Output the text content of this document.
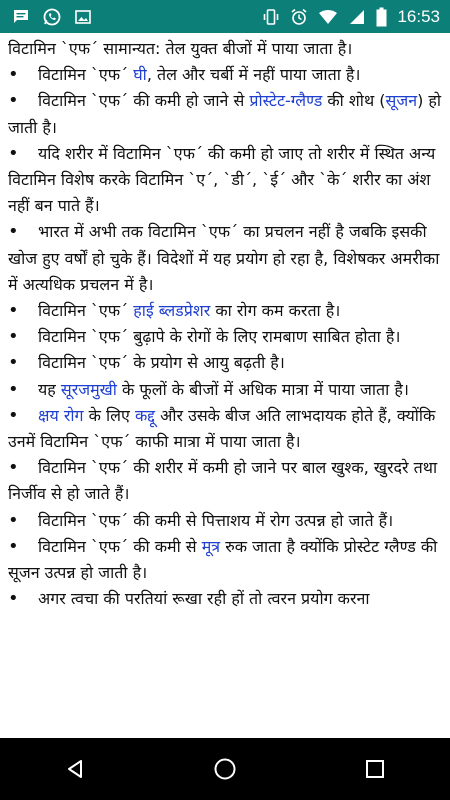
16:53
विटामिन `एफ´ सामान्यत: तेल युक्त बीजों में पाया जाता है।
• विटामिन `एफ´ घी, तेल और चर्बी में नहीं पाया जाता है।
• विटामिन `एफ´ की कमी हो जाने से प्रोस्टेट-ग्लैण्ड की शोथ (सूजन) हो जाती है।
• यदि शरीर में विटामिन `एफ´ की कमी हो जाए तो शरीर में स्थित अन्य विटामिन विशेष करके विटामिन `ए´, `डी´, `ई´ और `के´ शरीर का अंश नहीं बन पाते हैं।
• भारत में अभी तक विटामिन `एफ´ का प्रचलन नहीं है जबकि इसकी खोज हुए वर्षों हो चुके हैं। विदेशों में यह प्रयोग हो रहा है, विशेषकर अमरीका में अत्यधिक प्रचलन में है।
• विटामिन `एफ´ हाई ब्लडप्रेशर का रोग कम करता है।
• विटामिन `एफ´ बुढ़ापे के रोगों के लिए रामबाण साबित होता है।
• विटामिन `एफ´ के प्रयोग से आयु बढ़ती है।
• यह सूरजमुखी के फूलों के बीजों में अधिक मात्रा में पाया जाता है।
• क्षय रोग के लिए कद्दू और उसके बीज अति लाभदायक होते हैं, क्योंकि उनमें विटामिन `एफ´ काफी मात्रा में पाया जाता है।
• विटामिन `एफ´ की शरीर में कमी हो जाने पर बाल खुश्क, खुरदरे तथा निर्जीव से हो जाते हैं।
• विटामिन `एफ´ की कमी से पित्ताशय में रोग उत्पन्न हो जाते हैं।
• विटामिन `एफ´ की कमी से मूत्र रुक जाता है क्योंकि प्रोस्टेट ग्लैण्ड की सूजन उत्पन्न हो जाती है।
• अगर त्वचा की परतियां रूखा रही हों तो त्वरन प्रयोग करना
